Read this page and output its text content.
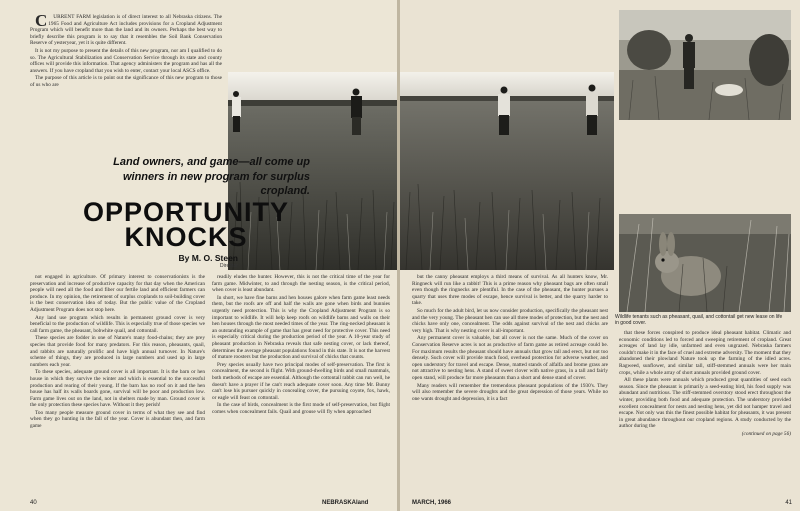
CURRENT FARM legislation is of direct interest to all Nebraska citizens. The 1965 Food and Agriculture Act includes provisions for a Cropland Adjustment Program which will benefit more than the land and its owners. Perhaps the best way to briefly describe this program is to say that it resembles the Soil Bank Conservation Reserve of yesteryear, yet it is quite different.

It is not my purpose to present the details of this new program, nor am I qualified to do so. The Agricultural Stabilization and Conservation Service through its state and county offices will provide this information. That agency administers the program and has all the answers. If you have cropland that you wish to enter, contact your local ASCS office.

The purpose of this article is to point out the significance of this new program to those of us who are

Land owners, and game—all come up winners in new program for surplus cropland.
OPPORTUNITY KNOCKS
By M. O. Steen
Director

not engaged in agriculture. Of primary interest to conservationists is the preservation and increase of productive capacity for that day when the American people will need all the food and fiber our fertile land and efficient farmers can produce. In my opinion, the retirement of surplus croplands to soil-building cover is the best conservation idea of today. But the public value of the Cropland Adjustment Program does not stop here.

Any land use program which results in permanent ground cover is very beneficial to the production of wildlife. This is especially true of those species we call farm game, the pheasant, bobwhite quail, and cottontail.

These species are fodder in one of Nature's many food-chains; they are prey species that provide food for many predators. For this reason, pheasants, quail, and rabbits are naturally prolific and have high annual turnover. In Nature's scheme of things, they are produced in large numbers and used up in large numbers each year.

To these species, adequate ground cover is all important. It is the barn or hen house in which they survive the winter and which is essential to the successful production and rearing of their young. If the barn has no roof on it and the hen house has half its walls boards gone, survival will be poor and production low. Farm game lives out on the land, not in shelters made by man. Ground cover is the only protection these species have. Without it they perish!

Too many people measure ground cover in terms of what they see and find when they go hunting in the fall of the year. Cover is abundant then, and farm game

readily eludes the hunter. However, this is not the critical time of the year for farm game. Midwinter, to and through the nesting season, is the critical period, when cover is least abundant.

In short, we have fine barns and hen houses galore when farm game least needs them, but the roofs are off and half the walls are gone when birds and bunnies urgently need protection. This is why the Cropland Adjustment Program is so important to wildlife. It will help keep roofs on wildlife barns and walls on their hen houses through the most needed times of the year. The ring-necked pheasant is an outstanding example of game that has great need for protective cover. This need is especially critical during the production period of the year. A 10-year study of pheasant production in Nebraska reveals that safe nesting cover, or lack thereof, determines the average pheasant populations found in this state. It is not the harvest of mature roosters but the production and survival of chicks that counts.

Prey species usually have two principal modes of self-preservation. The first is concealment, the second is flight. With ground-dwelling birds and small mammals, both methods of escape are essential. Although the cottontail rabbit can run well, he doesn't have a prayer if he can't reach adequate cover soon. Any time Mr. Bunny can't lose his pursuer quickly in concealing cover, the pursuing coyote, fox, hawk, or eagle will feast on cottontail.

In the case of birds, concealment is the first mode of self-preservation, but flight comes when concealment fails. Quail and grouse will fly when approached

40	NEBRASKAland
Wildlife tenants such as pheasant, quail, and cottontail get new lease on life in good cover.

but the canny pheasant employs a third means of survival. As all hunters know, Mr. Ringneck will run like a rabbit! This is a prime reason why pheasant bags are often small even though the ringnecks are plentiful. In the case of the pheasant, the hunter pursues a quarry that uses three modes of escape, hence survival is better, and the quarry harder to take.

So much for the adult bird, let us now consider production, specifically the pheasant nest and the very young. The pheasant hen can use all three modes of protection, but the nest and chicks have only one, concealment. The odds against survival of the nest and chicks are very high. That is why nesting cover is all-important.

Any permanent cover is valuable, but all cover is not the same. Much of the cover on Conservation Reserve acres is not as productive of farm game as retired acreage could be. For maximum results the pheasant should have annuals that grow tall and erect, but not too densely. Such cover will provide much food, overhead protection for adverse weather, and open understory for travel and escape. Dense, matted stands of alfalfa and brome grass are not attractive to nesting hens. A stand of sweet clover with native grass, in a tall and fairly open stand, will produce far more pheasants than a short and dense stand of cover.

Many readers will remember the tremendous pheasant populations of the 1930's. They will also remember the severe droughts and the great depression of those years. While no one wants drought and depression, it is a fact

that these forces conspired to produce ideal pheasant habitat. Climatic and economic conditions led to forced and sweeping retirement of cropland. Great acreages of land lay idle, unfarmed and even ungrazed. Nebraska farmers couldn't make it in the face of cruel and extreme adversity. The moment that they abandoned their plowland Nature took up the farming of the idled acres. Ragweed, sunflower, and similar tall, stiff-stemmed annuals were her main crops, while a whole array of short annuals provided ground cover.

All these plants were annuals which produced great quantities of seed each season. Since the pheasant is primarily a seed-eating bird, his food supply was abundant and nutritious. The stiff-stemmed overstory stood erect throughout the winter, providing both food and adequate protection. The understory provided excellent concealment for nests and nesting hens, yet did not hamper travel and escape. Not only was this the finest possible habitat for pheasants, it was present in great abundance throughout our cropland regions. A study conducted by the author during the

(continued on page 56)
MARCH, 1966	41
